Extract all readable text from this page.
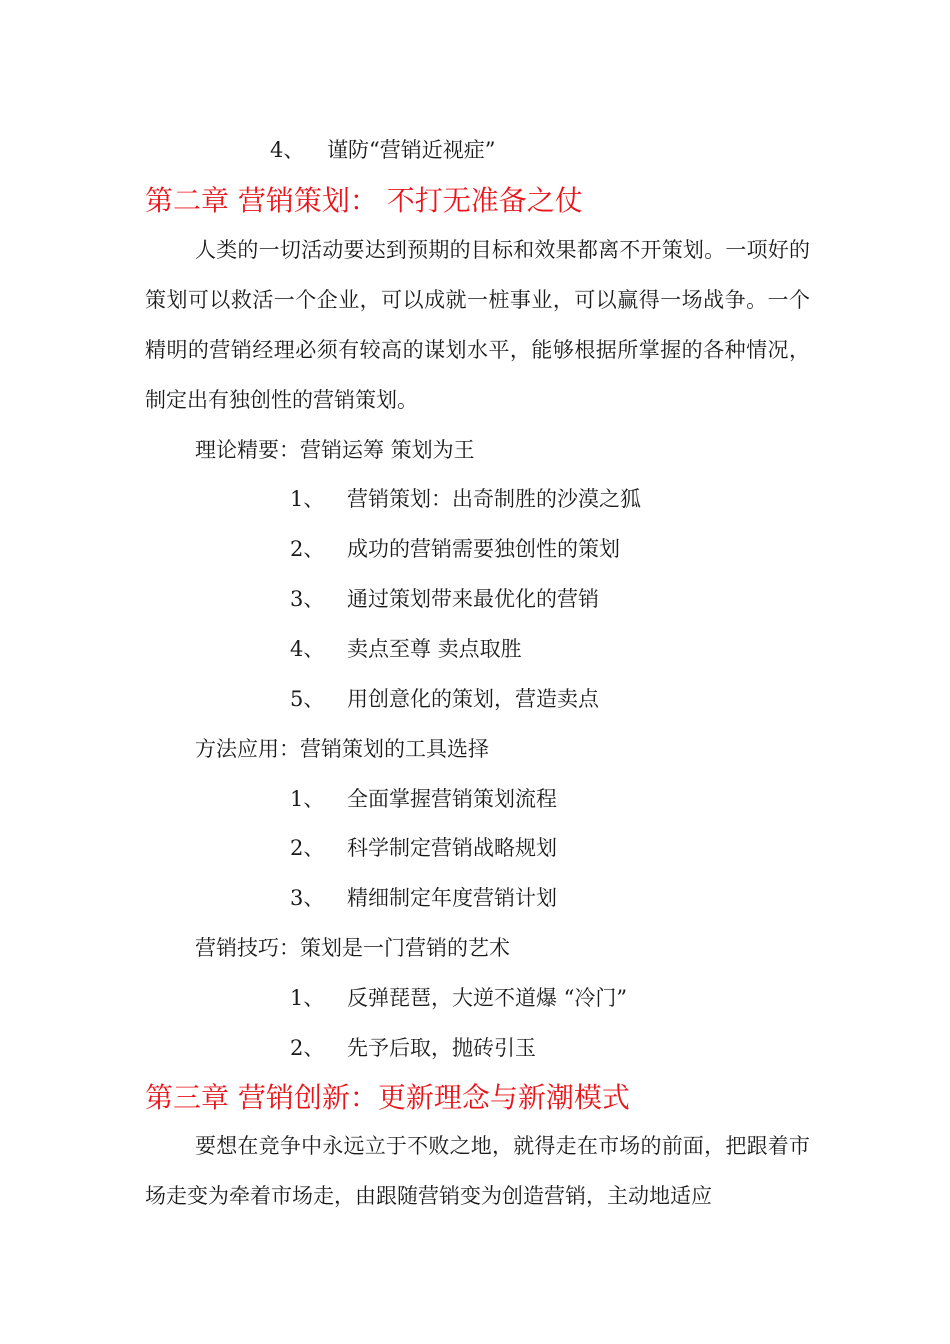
4、	谨防“营销近视症”
第二章 营销策划： 不打无准备之仗

人类的一切活动要达到预期的目标和效果都离不开策划。一项好的策划可以救活一个企业，可以成就一桩事业，可以赢得一场战争。一个精明的营销经理必须有较高的谋划水平，能够根据所掌握的各种情况，制定出有独创性的营销策划。

理论精要：营销运筹 策划为王
1、	营销策划：出奇制胜的沙漠之狐
2、	成功的营销需要独创性的策划
3、	通过策划带来最优化的营销
4、	卖点至尊 卖点取胜
5、	用创意化的策划，营造卖点
方法应用：营销策划的工具选择
1、	全面掌握营销策划流程
2、	科学制定营销战略规划
3、	精细制定年度营销计划
营销技巧：策划是一门营销的艺术
1、	反弹琵琶，大逆不道爆 “冷门”
2、	先予后取，抛砖引玉
第三章 营销创新：更新理念与新潮模式

要想在竞争中永远立于不败之地，就得走在市场的前面，把跟着市场走变为牵着市场走，由跟随营销变为创造营销，主动地适应
